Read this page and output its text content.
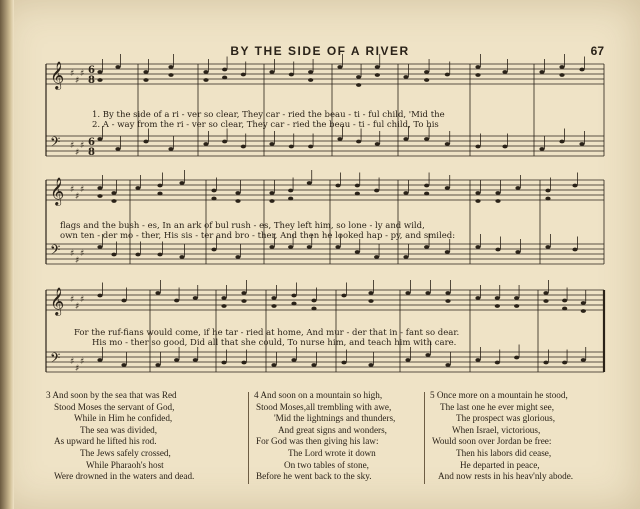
BY THE SIDE OF A RIVER	67
𝄞 ♯
♯
♯
𝄢 ♯
♯
♯
𝄞 ♯
♯
♯
𝄢 ♯
♯
♯
𝄞 ♯
♯
♯
𝄢 ♯
♯
♯
6
8
6
8
1. By the side of a ri - ver so clear, They car - ried the beau - ti - ful child, 'Mid the
2. A - way from the ri - ver so clear, They car - ried the beau - ti - ful child, To his
flags and the bush - es, In an ark of bul rush - es, They left him, so lone - ly and wild,
own ten - der mo - ther, His sis - ter and bro - ther, And then he looked hap - py, and smiled:
For the ruf-fians would come, if he tar - ried at home, And mur - der that in - fant so dear.
His mo - ther so good, Did all that she could, To nurse him, and teach him with care.
3 And soon by the sea that was Red
Stood Moses the servant of God,
While in Him he confided,
The sea was divided,
As upward he lifted his rod.
The Jews safely crossed,
While Pharaoh's host
Were drowned in the waters and dead.
4 And soon on a mountain so high,
Stood Moses,all trembling with awe,
'Mid the lightnings and thunders,
And great signs and wonders,
For God was then giving his law:
The Lord wrote it down
On two tables of stone,
Before he went back to the sky.
5 Once more on a mountain he stood,
The last one he ever might see,
The prospect was glorious,
When Israel, victorious,
Would soon over Jordan be free:
Then his labors did cease,
He departed in peace,
And now rests in his heav'nly abode.
